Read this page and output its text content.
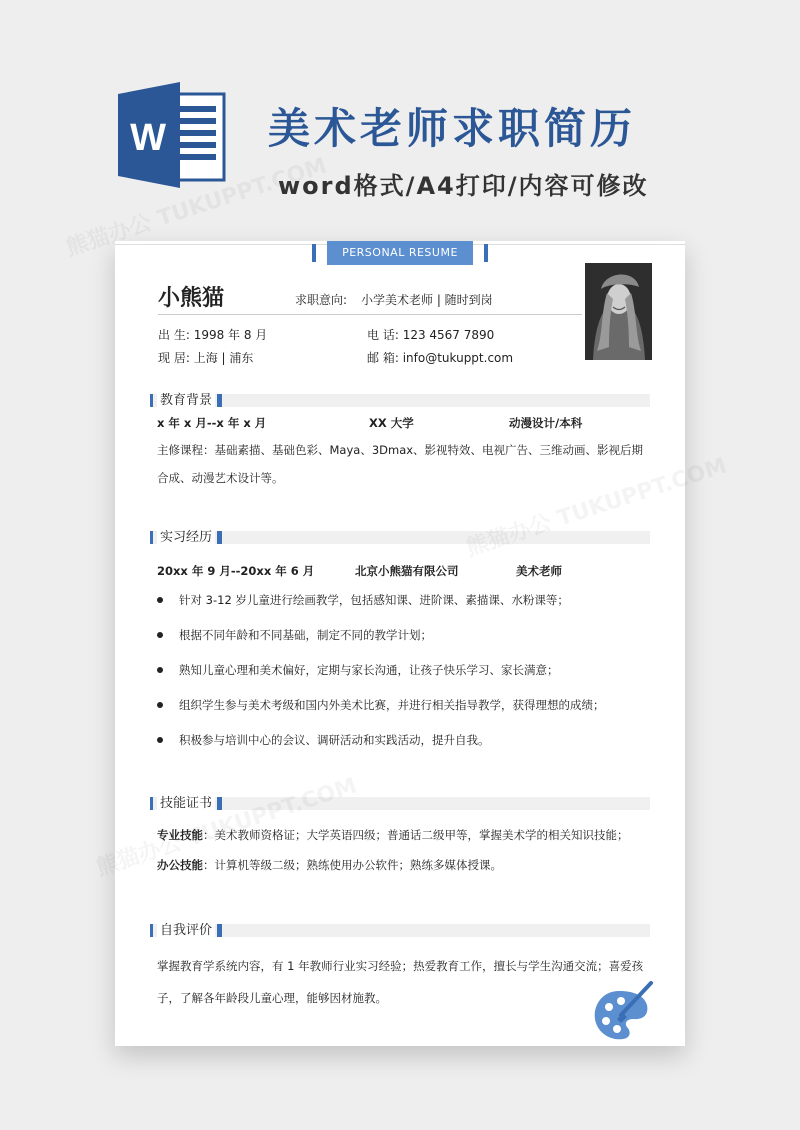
W 美术老师求职简历
word格式/A4打印/内容可修改
PERSONAL RESUME
小熊猫	求职意向: 小学美术老师 | 随时到岗
出 生: 1998 年 8 月
现 居: 上海 | 浦东
电 话: 123 4567 7890
邮 箱: info@tukuppt.com
教育背景
x 年 x 月--x 年 x 月	XX 大学	动漫设计/本科
主修课程：基础素描、基础色彩、Maya、3Dmax、影视特效、电视广告、三维动画、影视后期合成、动漫艺术设计等。
实习经历
20xx 年 9 月--20xx 年 6 月	北京小熊猫有限公司	美术老师
针对 3-12 岁儿童进行绘画教学，包括感知课、进阶课、素描课、水粉课等；
根据不同年龄和不同基础，制定不同的教学计划；
熟知儿童心理和美术偏好，定期与家长沟通，让孩子快乐学习、家长满意；
组织学生参与美术考级和国内外美术比赛，并进行相关指导教学，获得理想的成绩；
积极参与培训中心的会议、调研活动和实践活动，提升自我。
技能证书
专业技能：美术教师资格证；大学英语四级；普通话二级甲等，掌握美术学的相关知识技能；
办公技能：计算机等级二级；熟练使用办公软件；熟练多媒体授课。
自我评价
掌握教育学系统内容，有 1 年教师行业实习经验；热爱教育工作，擅长与学生沟通交流；喜爱孩子，了解各年龄段儿童心理，能够因材施教。
